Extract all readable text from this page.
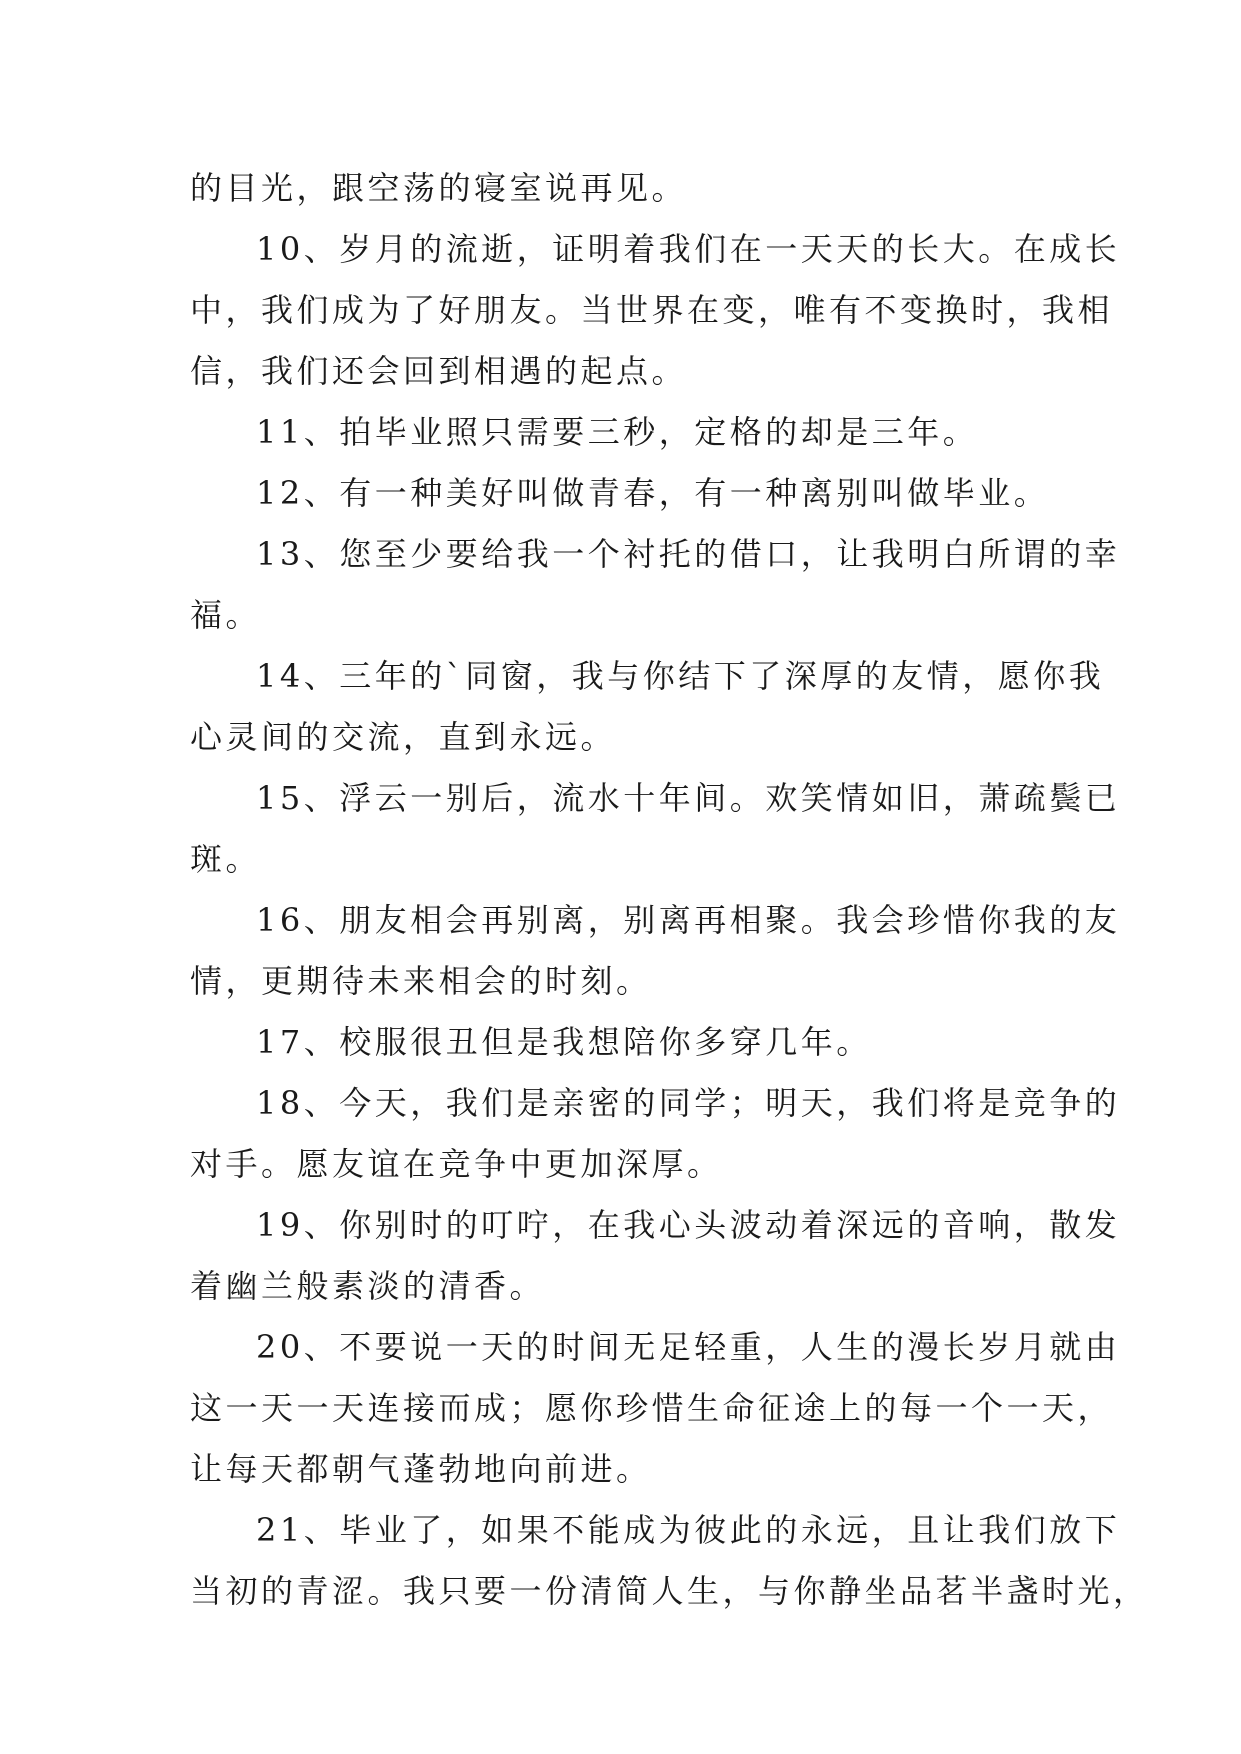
的目光，跟空荡的寝室说再见。
10、岁月的流逝，证明着我们在一天天的长大。在成长
中，我们成为了好朋友。当世界在变，唯有不变换时，我相
信，我们还会回到相遇的起点。
11、拍毕业照只需要三秒，定格的却是三年。
12、有一种美好叫做青春，有一种离别叫做毕业。
13、您至少要给我一个衬托的借口，让我明白所谓的幸
福。
14、三年的`同窗，我与你结下了深厚的友情，愿你我
心灵间的交流，直到永远。
15、浮云一别后，流水十年间。欢笑情如旧，萧疏鬓已
斑。
16、朋友相会再别离，别离再相聚。我会珍惜你我的友
情，更期待未来相会的时刻。
17、校服很丑但是我想陪你多穿几年。
18、今天，我们是亲密的同学；明天，我们将是竞争的
对手。愿友谊在竞争中更加深厚。
19、你别时的叮咛，在我心头波动着深远的音响，散发
着幽兰般素淡的清香。
20、不要说一天的时间无足轻重，人生的漫长岁月就由
这一天一天连接而成；愿你珍惜生命征途上的每一个一天，
让每天都朝气蓬勃地向前进。
21、毕业了，如果不能成为彼此的永远，且让我们放下
当初的青涩。我只要一份清简人生，与你静坐品茗半盏时光，
